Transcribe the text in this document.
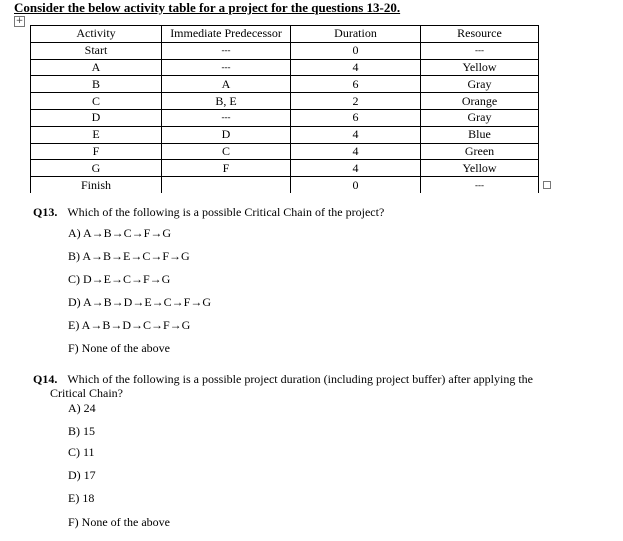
Consider the below activity table for a project for the questions 13-20.
+
Activity	Immediate Predecessor	Duration	Resource
Start	---	0	---
A	---	4	Yellow
B	A	6	Gray
C	B, E	2	Orange
D	---	6	Gray
E	D	4	Blue
F	C	4	Green
G	F	4	Yellow
Finish		0	---
Q13. Which of the following is a possible Critical Chain of the project?
A) A→B→C→F→G
B) A→B→E→C→F→G
C) D→E→C→F→G
D) A→B→D→E→C→F→G
E) A→B→D→C→F→G
F) None of the above
Q14. Which of the following is a possible project duration (including project buffer) after applying the
Critical Chain?
A) 24
B) 15
C) 11
D) 17
E) 18
F) None of the above
